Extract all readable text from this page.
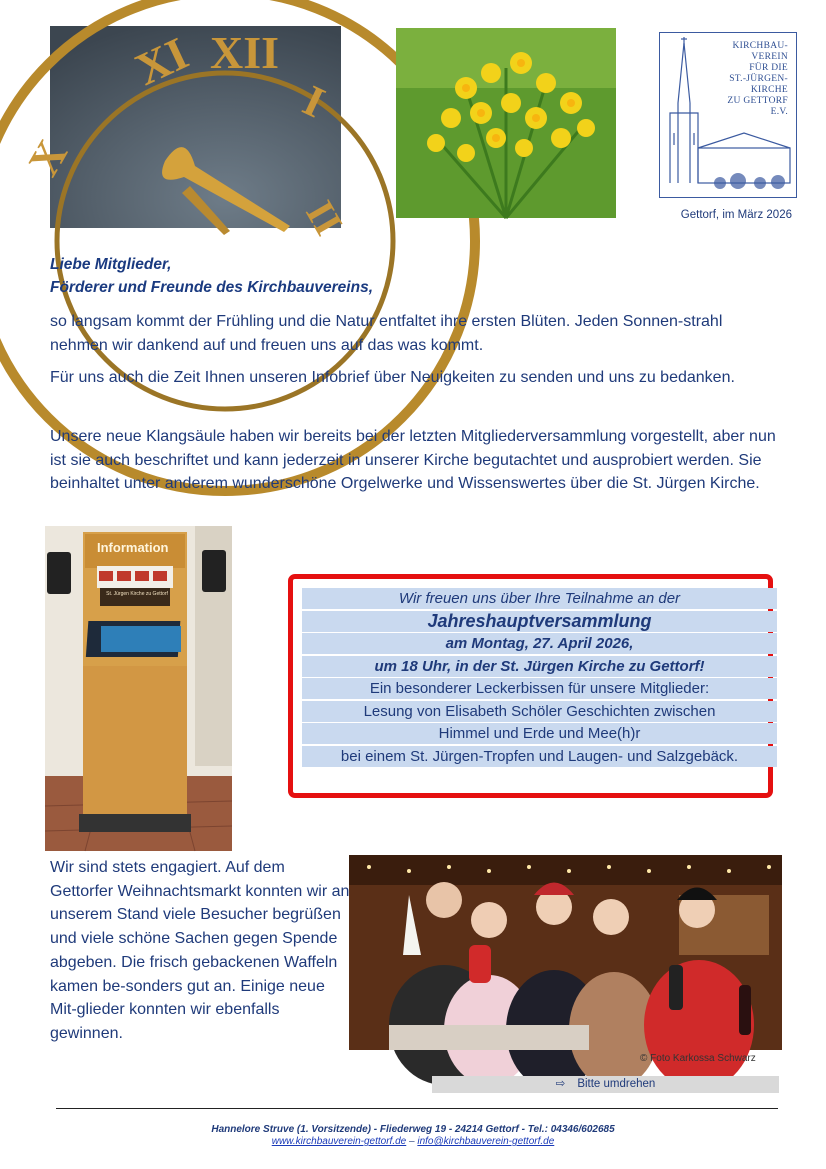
XI XII
I
X
II
KIRCHBAU-
VEREIN
FÜR DIE
ST.-JÜRGEN-
KIRCHE
ZU GETTORF
E.V.
Gettorf, im März 2026
Liebe Mitglieder,
Förderer und Freunde des Kirchbauvereins,
so langsam kommt der Frühling und die Natur entfaltet ihre ersten Blüten. Jeden Sonnen-strahl nehmen wir dankend auf und freuen uns auf das was kommt.
Für uns auch die Zeit Ihnen unseren Infobrief über Neuigkeiten zu senden und uns zu bedanken.
Unsere neue Klangsäule haben wir bereits bei der letzten Mitgliederversammlung vorgestellt, aber nun ist sie auch beschriftet und kann jederzeit in unserer Kirche begutachtet und ausprobiert werden. Sie beinhaltet unter anderem wunderschöne Orgelwerke und Wissenswertes über die St. Jürgen Kirche.
Information
St. Jürgen Kirche zu Gettorf	Wir freuen uns über Ihre Teilnahme an der
Jahreshauptversammlung
am Montag, 27. April 2026,
um 18 Uhr, in der St. Jürgen Kirche zu Gettorf!
Ein besonderer Leckerbissen für unsere Mitglieder:
Lesung von Elisabeth Schöler Geschichten zwischen
Himmel und Erde und Mee(h)r
bei einem St. Jürgen-Tropfen und Laugen- und Salzgebäck.
Wir sind stets engagiert. Auf dem Gettorfer Weihnachtsmarkt konnten wir an unserem Stand viele Besucher begrüßen und viele schöne Sachen gegen Spende abgeben. Die frisch gebackenen Waffeln kamen be-sonders gut an. Einige neue Mit-glieder konnten wir ebenfalls gewinnen.
© Foto Karkossa Schwarz
⇨ Bitte umdrehen
Hannelore Struve (1. Vorsitzende) - Fliederweg 19 - 24214 Gettorf - Tel.: 04346/602685
www.kirchbauverein-gettorf.de – info@kirchbauverein-gettorf.de
